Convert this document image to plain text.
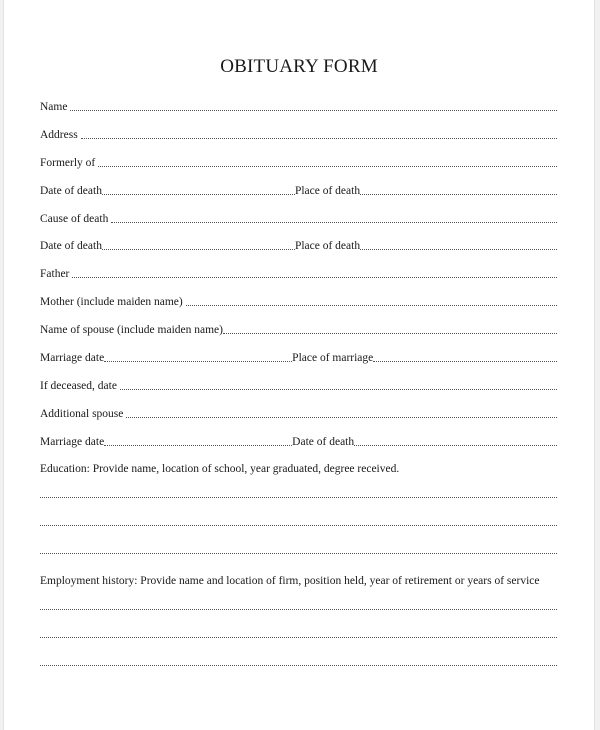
OBITUARY FORM
Name
Address
Formerly of
Date of death	Place of death
Cause of death
Date of death	Place of death
Father
Mother (include maiden name)
Name of spouse (include maiden name)
Marriage date	Place of marriage
If deceased, date
Additional spouse
Marriage date	Date of death
Education: Provide name, location of school, year graduated, degree received.
Employment history: Provide name and location of firm, position held, year of retirement or years of service
